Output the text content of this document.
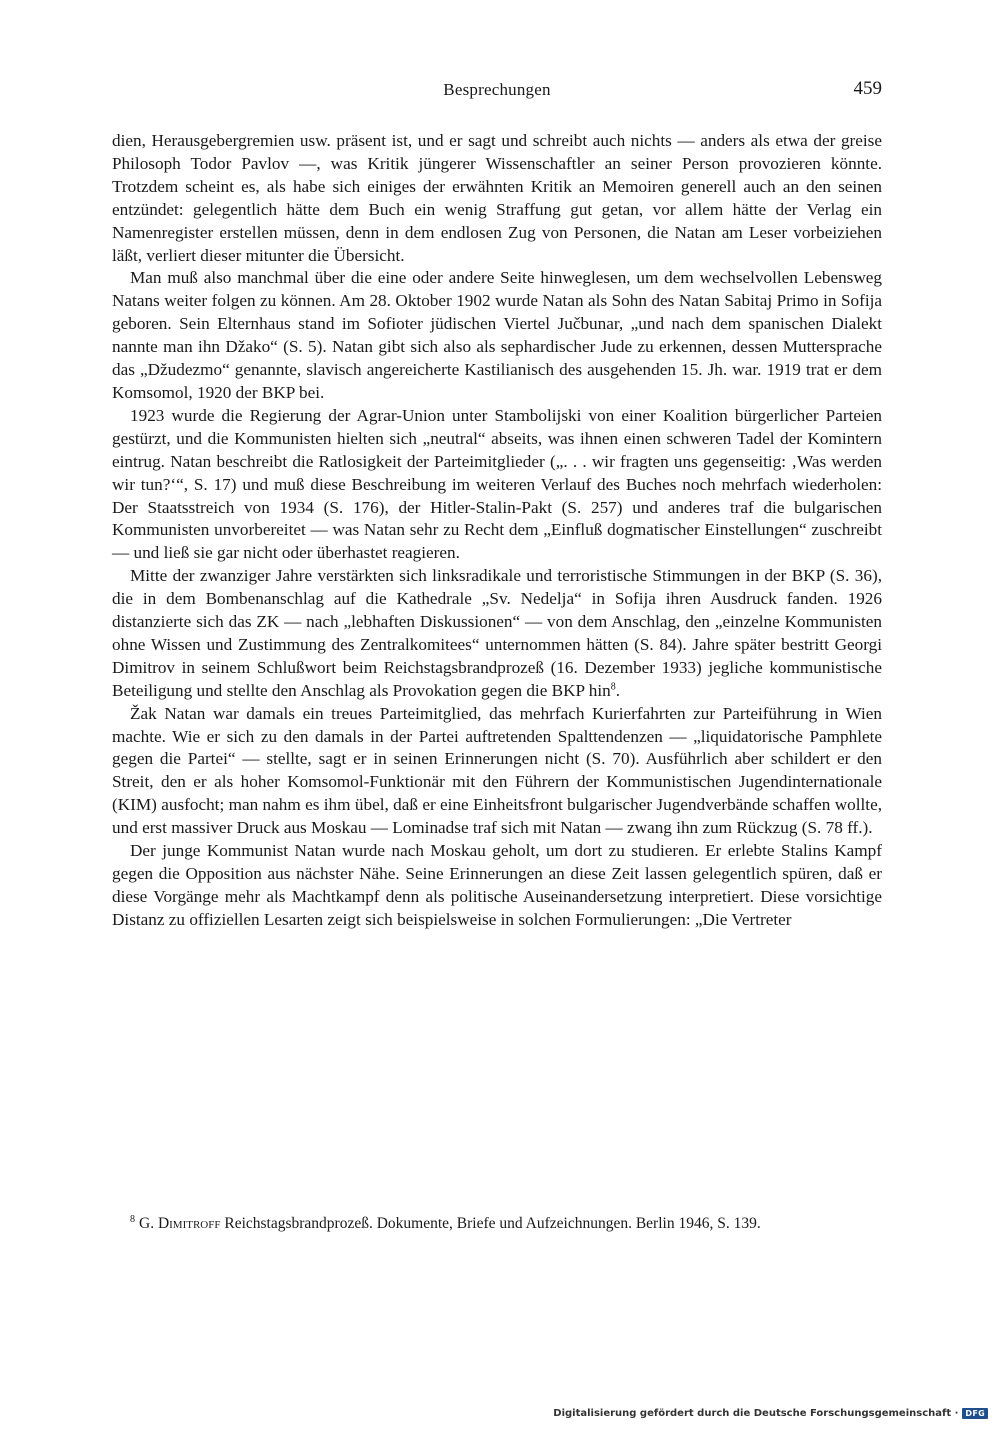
Besprechungen	459

dien, Herausgebergremien usw. präsent ist, und er sagt und schreibt auch nichts — anders als etwa der greise Philosoph Todor Pavlov —, was Kritik jüngerer Wissenschaftler an seiner Person provozieren könnte. Trotzdem scheint es, als habe sich einiges der erwähnten Kritik an Memoiren generell auch an den seinen entzündet: gelegentlich hätte dem Buch ein wenig Straffung gut getan, vor allem hätte der Verlag ein Namenregister erstellen müssen, denn in dem endlosen Zug von Personen, die Natan am Leser vorbeiziehen läßt, verliert dieser mitunter die Übersicht.

Man muß also manchmal über die eine oder andere Seite hinweglesen, um dem wechselvollen Lebensweg Natans weiter folgen zu können. Am 28. Oktober 1902 wurde Natan als Sohn des Natan Sabitaj Primo in Sofija geboren. Sein Elternhaus stand im Sofioter jüdischen Viertel Jučbunar, „und nach dem spanischen Dialekt nannte man ihn Džako“ (S. 5). Natan gibt sich also als sephardischer Jude zu erkennen, dessen Muttersprache das „Džudezmo“ genannte, slavisch angereicherte Kastilianisch des ausgehenden 15. Jh. war. 1919 trat er dem Komsomol, 1920 der BKP bei.

1923 wurde die Regierung der Agrar-Union unter Stambolijski von einer Koalition bürgerlicher Parteien gestürzt, und die Kommunisten hielten sich „neutral“ abseits, was ihnen einen schweren Tadel der Komintern eintrug. Natan beschreibt die Ratlosigkeit der Parteimitglieder („. . . wir fragten uns gegenseitig: ‚Was werden wir tun?‘“, S. 17) und muß diese Beschreibung im weiteren Verlauf des Buches noch mehrfach wiederholen: Der Staatsstreich von 1934 (S. 176), der Hitler-Stalin-Pakt (S. 257) und anderes traf die bulgarischen Kommunisten unvorbereitet — was Natan sehr zu Recht dem „Einfluß dogmatischer Einstellungen“ zuschreibt — und ließ sie gar nicht oder überhastet reagieren.

Mitte der zwanziger Jahre verstärkten sich linksradikale und terroristische Stimmungen in der BKP (S. 36), die in dem Bombenanschlag auf die Kathedrale „Sv. Nedelja“ in Sofija ihren Ausdruck fanden. 1926 distanzierte sich das ZK — nach „lebhaften Diskussionen“ — von dem Anschlag, den „einzelne Kommunisten ohne Wissen und Zustimmung des Zentralkomitees“ unternommen hätten (S. 84). Jahre später bestritt Georgi Dimitrov in seinem Schlußwort beim Reichstagsbrandprozeß (16. Dezember 1933) jegliche kommunistische Beteiligung und stellte den Anschlag als Provokation gegen die BKP hin$^8$.

Žak Natan war damals ein treues Parteimitglied, das mehrfach Kurierfahrten zur Parteiführung in Wien machte. Wie er sich zu den damals in der Partei auftretenden Spalttendenzen — „liquidatorische Pamphlete gegen die Partei“ — stellte, sagt er in seinen Erinnerungen nicht (S. 70). Ausführlich aber schildert er den Streit, den er als hoher Komsomol-Funktionär mit den Führern der Kommunistischen Jugendinternationale (KIM) ausfocht; man nahm es ihm übel, daß er eine Einheitsfront bulgarischer Jugendverbände schaffen wollte, und erst massiver Druck aus Moskau — Lominadse traf sich mit Natan — zwang ihn zum Rückzug (S. 78 ff.).

Der junge Kommunist Natan wurde nach Moskau geholt, um dort zu studieren. Er erlebte Stalins Kampf gegen die Opposition aus nächster Nähe. Seine Erinnerungen an diese Zeit lassen gelegentlich spüren, daß er diese Vorgänge mehr als Machtkampf denn als politische Auseinandersetzung interpretiert. Diese vorsichtige Distanz zu offiziellen Lesarten zeigt sich beispielsweise in solchen Formulierungen: „Die Vertreter

$^8$ G. Dimitroff Reichstagsbrandprozeß. Dokumente, Briefe und Aufzeichnungen. Berlin 1946, S. 139.
Digitalisierung gefördert durch die Deutsche Forschungsgemeinschaft · DFG
